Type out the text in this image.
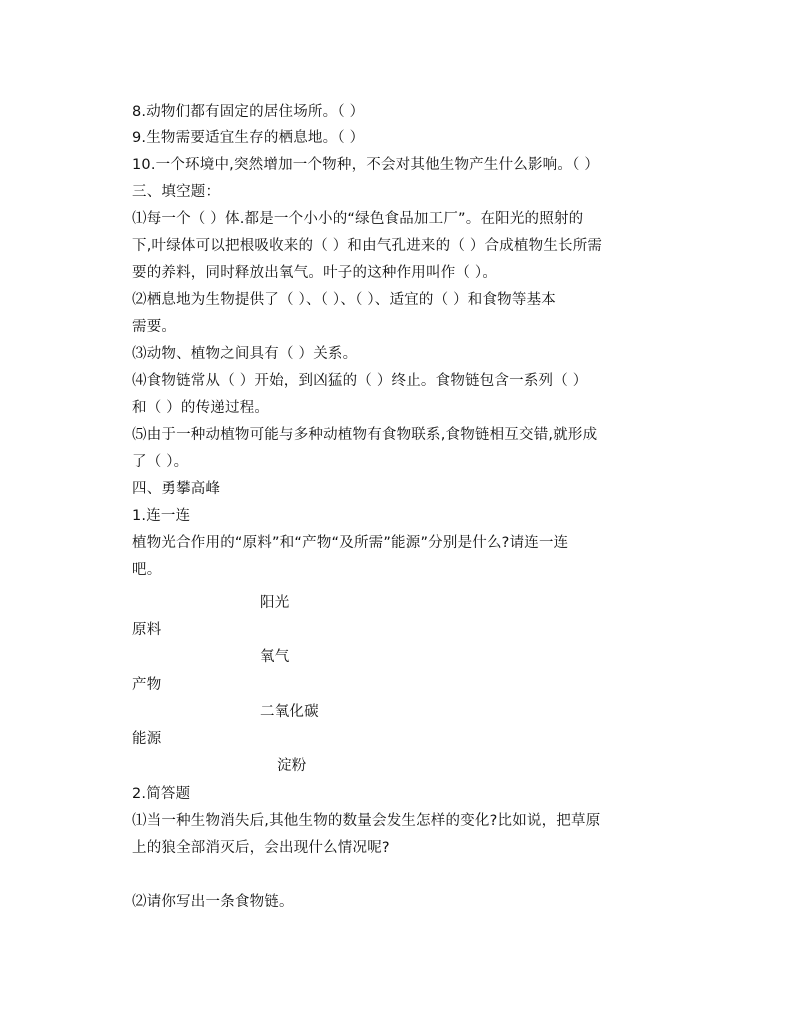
8.动物们都有固定的居住场所。（ ）
9.生物需要适宜生存的栖息地。（ ）
10.一个环境中,突然增加一个物种，不会对其他生物产生什么影响。（ ）
三、填空题：
⑴每一个（ ）体.都是一个小小的“绿色食品加工厂”。在阳光的照射的
下,叶绿体可以把根吸收来的（ ）和由气孔进来的（ ）合成植物生长所需
要的养料，同时释放出氧气。叶子的这种作用叫作（ ）。
⑵栖息地为生物提供了（ ）、（ ）、（ ）、适宜的（ ）和食物等基本
需要。
⑶动物、植物之间具有（ ）关系。
⑷食物链常从（ ）开始，到凶猛的（ ）终止。食物链包含一系列（ ）
和（ ）的传递过程。
⑸由于一种动植物可能与多种动植物有食物联系,食物链相互交错,就形成
了（ ）。
四、勇攀高峰
1.连一连
植物光合作用的“原料”和“产物“及所需”能源”分别是什么?请连一连
吧。
阳光
原料
氧气
产物
二氧化碳
能源
淀粉
2.简答题
⑴当一种生物消失后,其他生物的数量会发生怎样的变化?比如说，把草原
上的狼全部消灭后，会出现什么情况呢?
⑵请你写出一条食物链。
